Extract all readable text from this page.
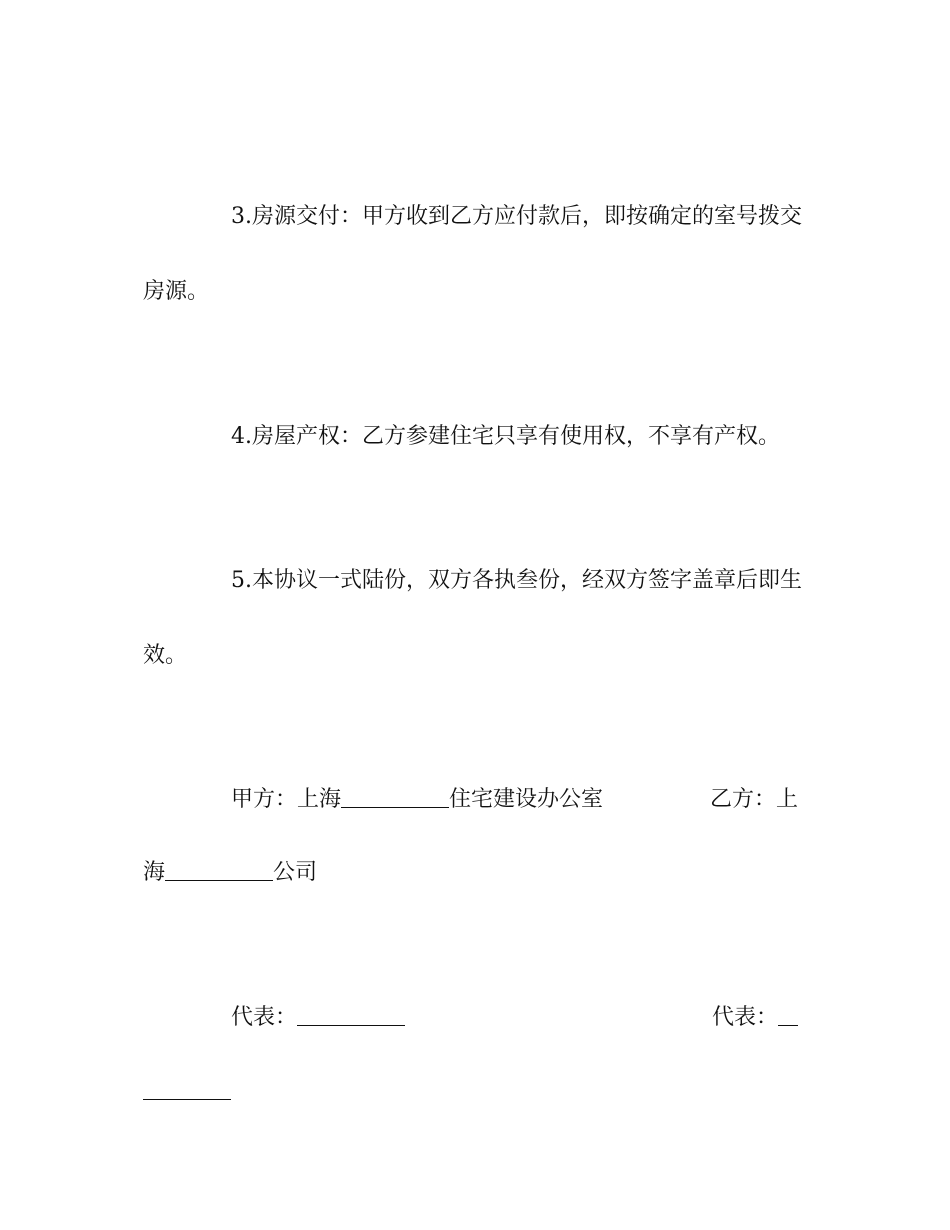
3.房源交付：甲方收到乙方应付款后，即按确定的室号拨交
房源。
4.房屋产权：乙方参建住宅只享有使用权，不享有产权。
5.本协议一式陆份，双方各执叁份，经双方签字盖章后即生
效。
甲方：上海	住宅建设办公室	乙方：上
海	公司
代表：	代表：
